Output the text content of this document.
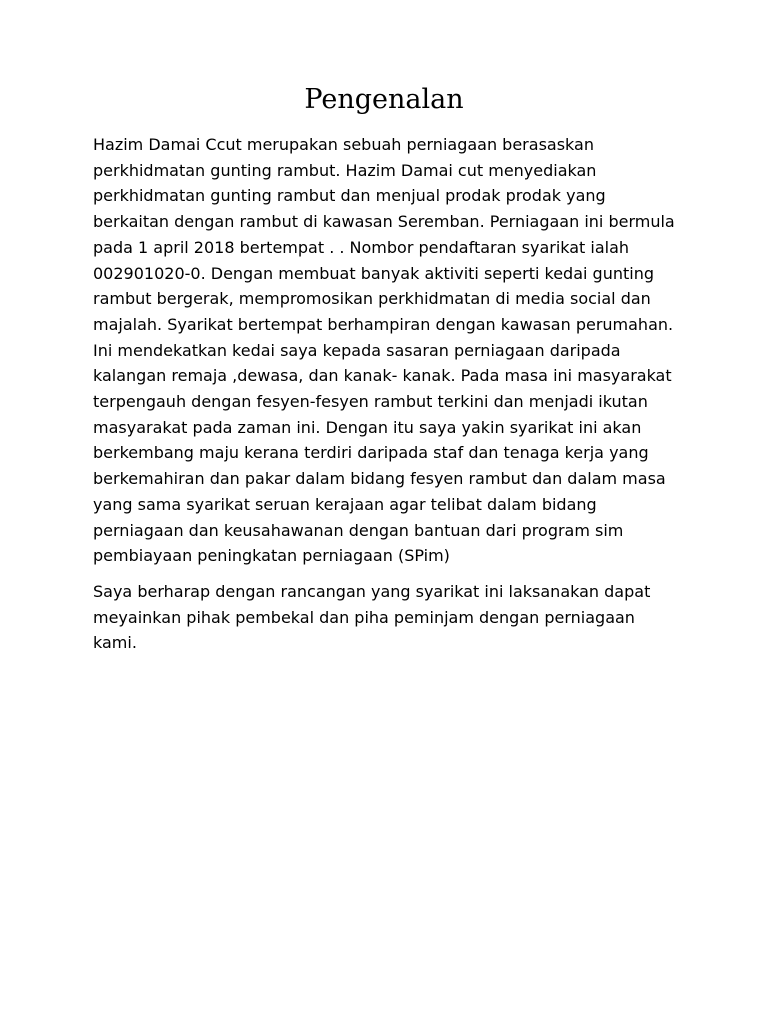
Pengenalan

Hazim Damai Ccut merupakan sebuah perniagaan berasaskan perkhidmatan gunting rambut. Hazim Damai cut menyediakan perkhidmatan gunting rambut dan menjual prodak prodak yang berkaitan dengan rambut di kawasan Seremban. Perniagaan ini bermula pada 1 april 2018 bertempat . . Nombor pendaftaran syarikat ialah 002901020-0. Dengan membuat banyak aktiviti seperti kedai gunting rambut bergerak, mempromosikan perkhidmatan di media social dan majalah. Syarikat bertempat berhampiran dengan kawasan perumahan. Ini mendekatkan kedai saya kepada sasaran perniagaan daripada kalangan remaja ,dewasa, dan kanak- kanak. Pada masa ini masyarakat terpengauh dengan fesyen-fesyen rambut terkini dan menjadi ikutan masyarakat pada zaman ini. Dengan itu saya yakin syarikat ini akan berkembang maju kerana terdiri daripada staf dan tenaga kerja yang berkemahiran dan pakar dalam bidang fesyen rambut dan dalam masa yang sama syarikat seruan kerajaan agar telibat dalam bidang perniagaan dan keusahawanan dengan bantuan dari program sim pembiayaan peningkatan perniagaan (SPim)

Saya berharap dengan rancangan yang syarikat ini laksanakan dapat meyainkan pihak pembekal dan piha peminjam dengan perniagaan kami.
